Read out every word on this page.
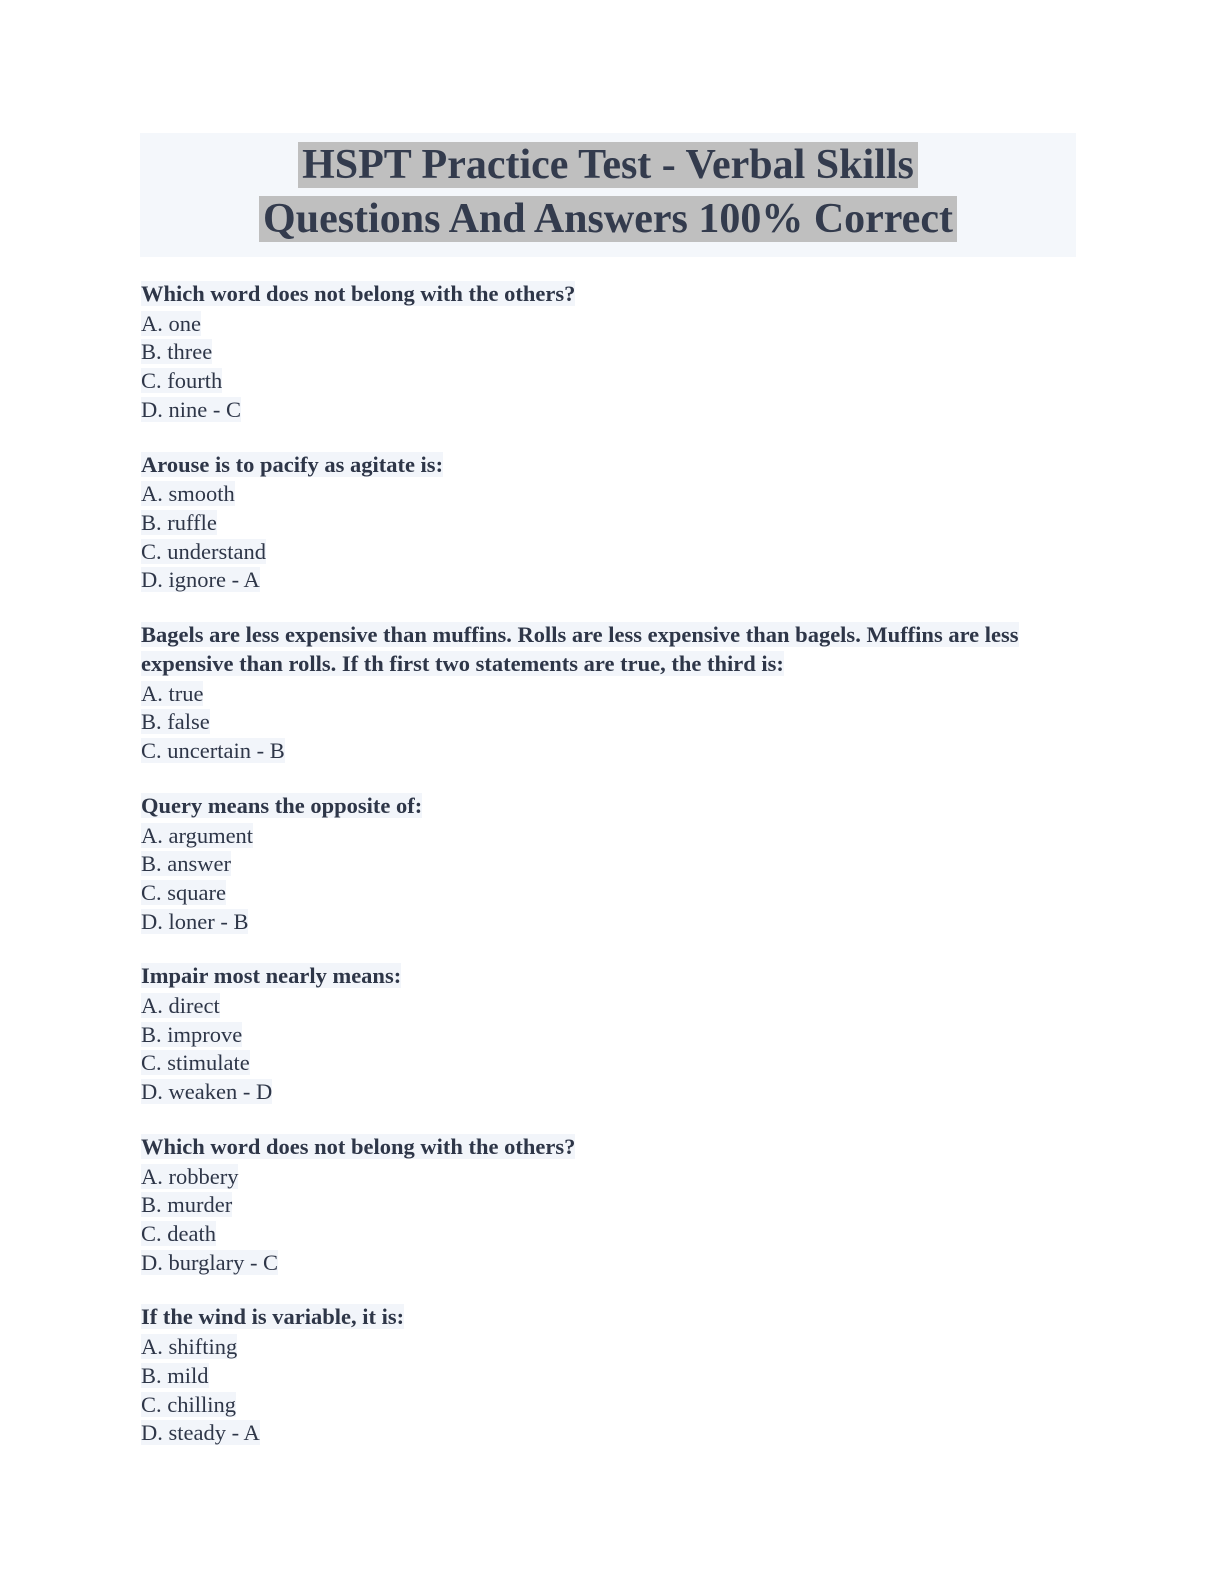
HSPT Practice Test - Verbal Skills
Questions And Answers 100% Correct
Which word does not belong with the others?
A. one
B. three
C. fourth
D. nine - C
Arouse is to pacify as agitate is:
A. smooth
B. ruffle
C. understand
D. ignore - A
Bagels are less expensive than muffins. Rolls are less expensive than bagels. Muffins are less expensive than rolls. If th first two statements are true, the third is:
A. true
B. false
C. uncertain - B
Query means the opposite of:
A. argument
B. answer
C. square
D. loner - B
Impair most nearly means:
A. direct
B. improve
C. stimulate
D. weaken - D
Which word does not belong with the others?
A. robbery
B. murder
C. death
D. burglary - C
If the wind is variable, it is:
A. shifting
B. mild
C. chilling
D. steady - A
